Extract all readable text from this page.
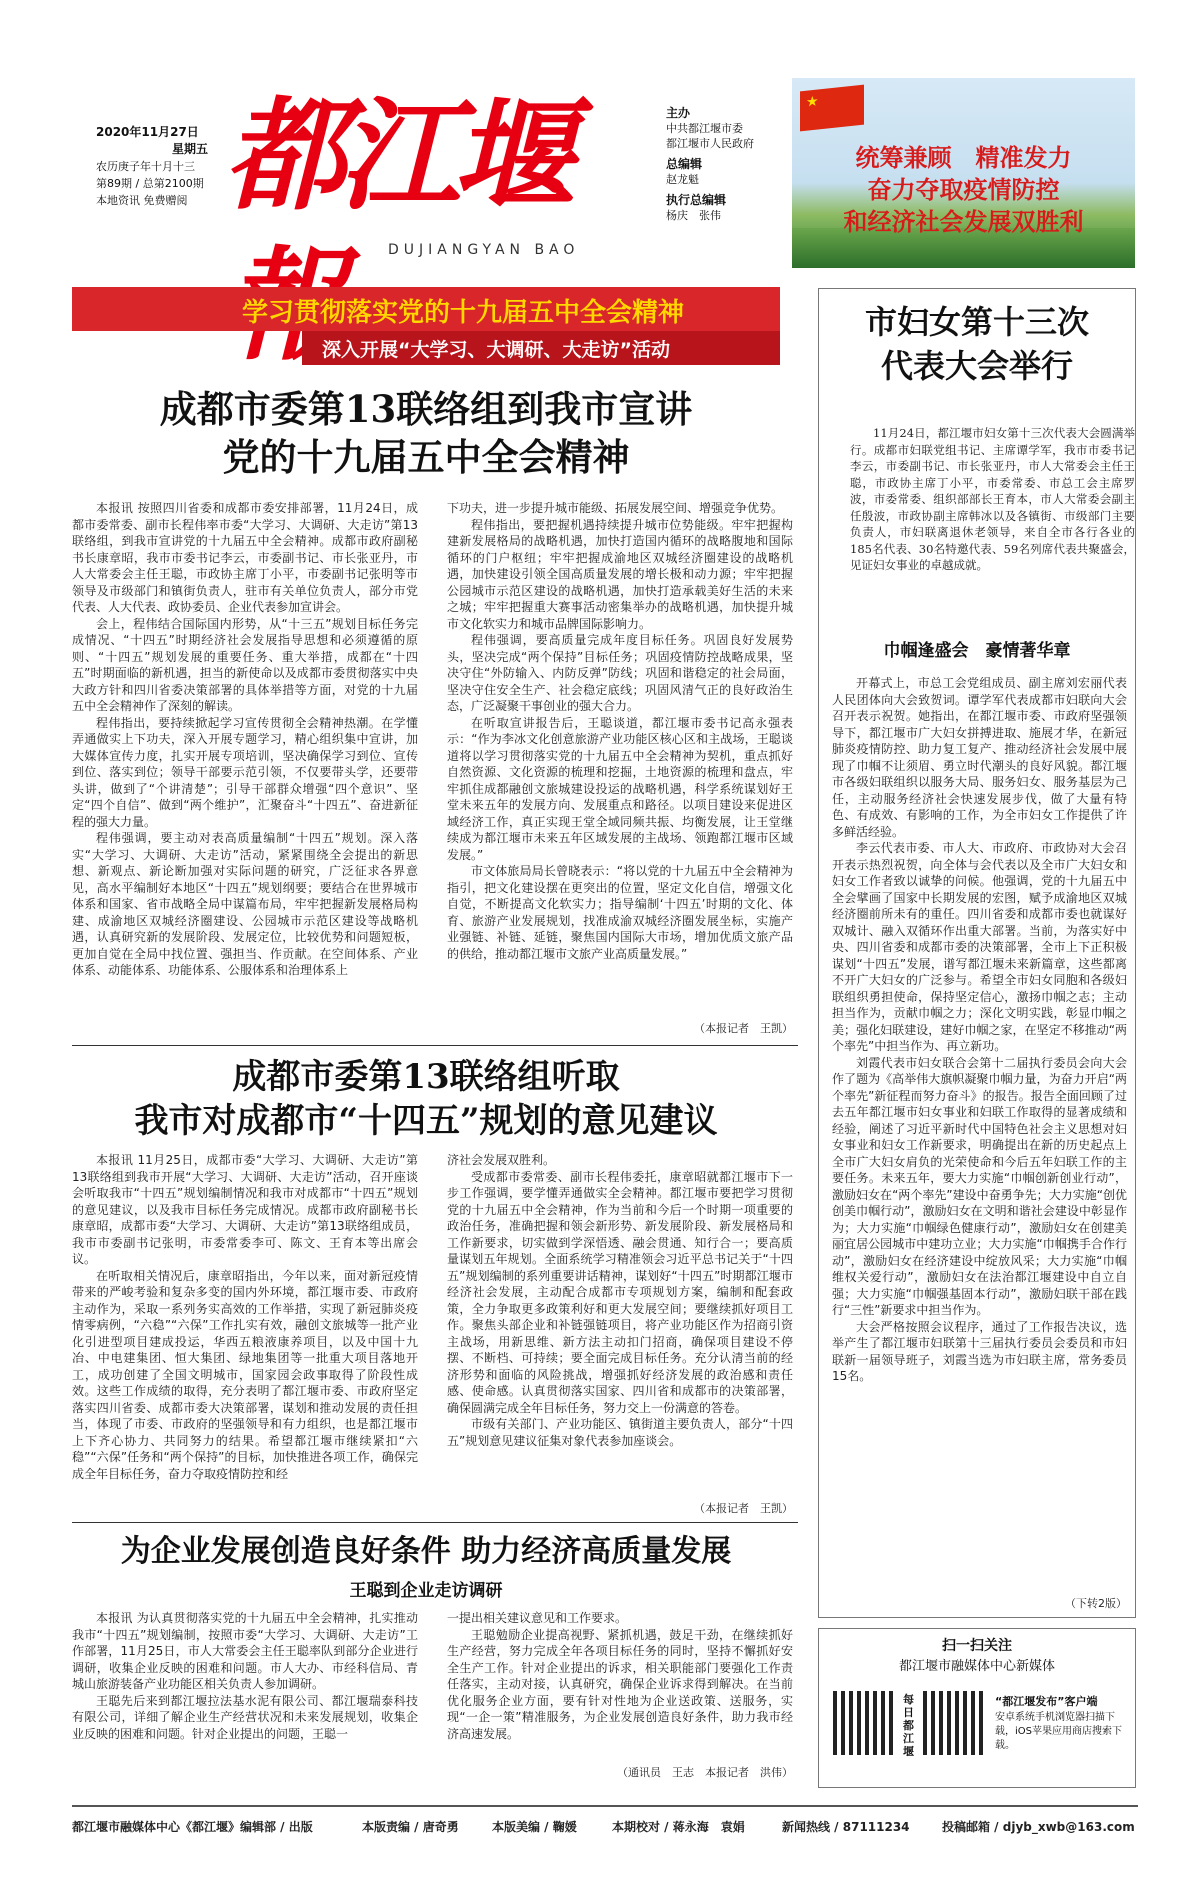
2020年11月27日
星期五
农历庚子年十月十三
第89期 / 总第2100期
本地资讯 免费赠阅 都江堰
DUJIANGYAN BAO
主办
中共都江堰市委
都江堰市人民政府
总编辑
赵龙魁
执行总编辑
杨庆　张伟
★
统筹兼顾　精准发力
奋力夺取疫情防控
和经济社会发展双胜利
学习贯彻落实党的十九届五中全会精神
深入开展“大学习、大调研、大走访”活动
成都市委第13联络组到我市宣讲
党的十九届五中全会精神

本报讯 按照四川省委和成都市委安排部署，11月24日，成都市委常委、副市长程伟率市委“大学习、大调研、大走访”第13联络组，到我市宣讲党的十九届五中全会精神。成都市政府副秘书长康章昭，我市市委书记李云，市委副书记、市长张亚丹，市人大常委会主任王聪，市政协主席丁小平，市委副书记张明等市领导及市级部门和镇街负责人，驻市有关单位负责人，部分市党代表、人大代表、政协委员、企业代表参加宣讲会。

会上，程伟结合国际国内形势，从“十三五”规划目标任务完成情况、“十四五”时期经济社会发展指导思想和必须遵循的原则、“十四五”规划发展的重要任务、重大举措，成都在“十四五”时期面临的新机遇，担当的新使命以及成都市委贯彻落实中央大政方针和四川省委决策部署的具体举措等方面，对党的十九届五中全会精神作了深刻的解读。

程伟指出，要持续掀起学习宣传贯彻全会精神热潮。在学懂弄通做实上下功夫，深入开展专题学习，精心组织集中宣讲，加大媒体宣传力度，扎实开展专项培训，坚决确保学习到位、宣传到位、落实到位；领导干部要示范引领，不仅要带头学，还要带头讲，做到了“个讲清楚”；引导干部群众增强“四个意识”、坚定“四个自信”、做到“两个维护”，汇聚奋斗“十四五”、奋进新征程的强大力量。

程伟强调，要主动对表高质量编制“十四五”规划。深入落实“大学习、大调研、大走访”活动，紧紧围绕全会提出的新思想、新观点、新论断加强对实际问题的研究，广泛征求各界意见，高水平编制好本地区“十四五”规划纲要；要结合在世界城市体系和国家、省市战略全局中谋篇布局，牢牢把握新发展格局构建、成渝地区双城经济圈建设、公园城市示范区建设等战略机遇，认真研究新的发展阶段、发展定位，比较优势和问题短板，更加自觉在全局中找位置、强担当、作贡献。在空间体系、产业体系、动能体系、功能体系、公服体系和治理体系上

下功夫，进一步提升城市能级、拓展发展空间、增强竞争优势。

程伟指出，要把握机遇持续提升城市位势能级。牢牢把握构建新发展格局的战略机遇，加快打造国内循环的战略腹地和国际循环的门户枢纽；牢牢把握成渝地区双城经济圈建设的战略机遇，加快建设引领全国高质量发展的增长极和动力源；牢牢把握公园城市示范区建设的战略机遇，加快打造承载美好生活的未来之城；牢牢把握重大赛事活动密集举办的战略机遇，加快提升城市文化软实力和城市品牌国际影响力。

程伟强调，要高质量完成年度目标任务。巩固良好发展势头，坚决完成“两个保持”目标任务；巩固疫情防控战略成果，坚决守住“外防输入、内防反弹”防线；巩固和谐稳定的社会局面，坚决守住安全生产、社会稳定底线；巩固风清气正的良好政治生态，广泛凝聚干事创业的强大合力。

在听取宣讲报告后，王聪谈道，都江堰市委书记高永强表示：“作为李冰文化创意旅游产业功能区核心区和主战场，王聪谈道将以学习贯彻落实党的十九届五中全会精神为契机，重点抓好自然资源、文化资源的梳理和挖掘，土地资源的梳理和盘点，牢牢抓住成都融创文旅城建设投运的战略机遇，科学系统谋划好王堂未来五年的发展方向、发展重点和路径。以项目建设来促进区域经济工作，真正实现王堂全域同频共振、均衡发展，让王堂继续成为都江堰市未来五年区域发展的主战场、领跑都江堰市区域发展。”

市文体旅局局长曾晓表示：“将以党的十九届五中全会精神为指引，把文化建设摆在更突出的位置，坚定文化自信，增强文化自觉，不断提高文化软实力；指导编制‘十四五’时期的文化、体育、旅游产业发展规划，找准成渝双城经济圈发展坐标，实施产业强链、补链、延链，聚焦国内国际大市场，增加优质文旅产品的供给，推动都江堰市文旅产业高质量发展。”

（本报记者　王凯）
成都市委第13联络组听取
我市对成都市“十四五”规划的意见建议

本报讯 11月25日，成都市委“大学习、大调研、大走访”第13联络组到我市开展“大学习、大调研、大走访”活动，召开座谈会听取我市“十四五”规划编制情况和我市对成都市“十四五”规划的意见建议，以及我市目标任务完成情况。成都市政府副秘书长康章昭，成都市委“大学习、大调研、大走访”第13联络组成员，我市市委副书记张明，市委常委李可、陈文、王育本等出席会议。

在听取相关情况后，康章昭指出，今年以来，面对新冠疫情带来的严峻考验和复杂多变的国内外环境，都江堰市委、市政府主动作为，采取一系列务实高效的工作举措，实现了新冠肺炎疫情零病例，“六稳”“六保”工作扎实有效，融创文旅城等一批产业化引进型项目建成投运，华西五粮液康养项目，以及中国十九冶、中电建集团、恒大集团、绿地集团等一批重大项目落地开工，成功创建了全国文明城市，国家园会政事取得了阶段性成效。这些工作成绩的取得，充分表明了都江堰市委、市政府坚定落实四川省委、成都市委大决策部署，谋划和推动发展的责任担当，体现了市委、市政府的坚强领导和有力组织，也是都江堰市上下齐心协力、共同努力的结果。希望都江堰市继续紧扣“六稳”“六保”任务和“两个保持”的目标，加快推进各项工作，确保完成全年目标任务，奋力夺取疫情防控和经

济社会发展双胜利。

受成都市委常委、副市长程伟委托，康章昭就都江堰市下一步工作强调，要学懂弄通做实全会精神。都江堰市要把学习贯彻党的十九届五中全会精神，作为当前和今后一个时期一项重要的政治任务，准确把握和领会新形势、新发展阶段、新发展格局和工作新要求，切实做到学深悟透、融会贯通、知行合一；要高质量谋划五年规划。全面系统学习精准领会习近平总书记关于“十四五”规划编制的系列重要讲话精神，谋划好“十四五”时期都江堰市经济社会发展，主动配合成都市专项规划方案，编制和配套政策，全力争取更多政策利好和更大发展空间；要继续抓好项目工作。聚焦头部企业和补链强链项目，将产业功能区作为招商引资主战场，用新思维、新方法主动扣门招商，确保项目建设不停摆、不断档、可持续；要全面完成目标任务。充分认清当前的经济形势和面临的风险挑战，增强抓好经济发展的政治感和责任感、使命感。认真贯彻落实国家、四川省和成都市的决策部署，确保圆满完成全年目标任务，努力交上一份满意的答卷。

市级有关部门、产业功能区、镇街道主要负责人，部分“十四五”规划意见建议征集对象代表参加座谈会。

（本报记者　王凯）
为企业发展创造良好条件 助力经济高质量发展
王聪到企业走访调研

本报讯 为认真贯彻落实党的十九届五中全会精神，扎实推动我市“十四五”规划编制，按照市委“大学习、大调研、大走访”工作部署，11月25日，市人大常委会主任王聪率队到部分企业进行调研，收集企业反映的困难和问题。市人大办、市经科信局、青城山旅游装备产业功能区相关负责人参加调研。

王聪先后来到都江堰拉法基水泥有限公司、都江堰瑞泰科技有限公司，详细了解企业生产经营状况和未来发展规划，收集企业反映的困难和问题。针对企业提出的问题，王聪一

一提出相关建议意见和工作要求。

王聪勉励企业提高视野、紧抓机遇，鼓足干劲，在继续抓好生产经营，努力完成全年各项目标任务的同时，坚持不懈抓好安全生产工作。针对企业提出的诉求，相关职能部门要强化工作责任落实，主动对接，认真研究，确保企业诉求得到解决。在当前优化服务企业方面，要有针对性地为企业送政策、送服务，实现“一企一策”精准服务，为企业发展创造良好条件，助力我市经济高速发展。

（通讯员　王志　本报记者　洪伟）
市妇女第十三次
代表大会举行

11月24日，都江堰市妇女第十三次代表大会圆满举行。成都市妇联党组书记、主席谭学军，我市市委书记李云，市委副书记、市长张亚丹，市人大常委会主任王聪，市政协主席丁小平，市委常委、市总工会主席罗波，市委常委、组织部部长王育本，市人大常委会副主任殷波，市政协副主席韩冰以及各镇街、市级部门主要负责人，市妇联离退休老领导，来自全市各行各业的185名代表、30名特邀代表、59名列席代表共聚盛会，见证妇女事业的卓越成就。

巾帼逢盛会　豪情著华章

开幕式上，市总工会党组成员、副主席刘宏丽代表人民团体向大会致贺词。谭学军代表成都市妇联向大会召开表示祝贺。她指出，在都江堰市委、市政府坚强领导下，都江堰市广大妇女拼搏进取、施展才华，在新冠肺炎疫情防控、助力复工复产、推动经济社会发展中展现了巾帼不让须眉、勇立时代潮头的良好风貌。都江堰市各级妇联组织以服务大局、服务妇女、服务基层为己任，主动服务经济社会快速发展步伐，做了大量有特色、有成效、有影响的工作，为全市妇女工作提供了许多鲜活经验。

李云代表市委、市人大、市政府、市政协对大会召开表示热烈祝贺，向全体与会代表以及全市广大妇女和妇女工作者致以诚挚的问候。他强调，党的十九届五中全会擘画了国家中长期发展的宏图，赋予成渝地区双城经济圈前所未有的重任。四川省委和成都市委也就谋好双城计、融入双循环作出重大部署。当前，为落实好中央、四川省委和成都市委的决策部署，全市上下正积极谋划“十四五”发展，谱写都江堰未来新篇章，这些都离不开广大妇女的广泛参与。希望全市妇女同胞和各级妇联组织勇担使命，保持坚定信心，激扬巾帼之志；主动担当作为，贡献巾帼之力；深化文明实践，彰显巾帼之美；强化妇联建设，建好巾帼之家，在坚定不移推动“两个率先”中担当作为、再立新功。

刘霞代表市妇女联合会第十二届执行委员会向大会作了题为《高举伟大旗帜凝聚巾帼力量，为奋力开启“两个率先”新征程而努力奋斗》的报告。报告全面回顾了过去五年都江堰市妇女事业和妇联工作取得的显著成绩和经验，阐述了习近平新时代中国特色社会主义思想对妇女事业和妇女工作新要求，明确提出在新的历史起点上全市广大妇女肩负的光荣使命和今后五年妇联工作的主要任务。未来五年，要大力实施“巾帼创新创业行动”，激励妇女在“两个率先”建设中奋勇争先；大力实施“创优创美巾帼行动”，激励妇女在文明和谐社会建设中彰显作为；大力实施“巾帼绿色健康行动”，激励妇女在创建美丽宜居公园城市中建功立业；大力实施“巾帼携手合作行动”，激励妇女在经济建设中绽放风采；大力实施“巾帼维权关爱行动”，激励妇女在法治都江堰建设中自立自强；大力实施“巾帼强基固本行动”，激励妇联干部在践行“三性”新要求中担当作为。

大会严格按照会议程序，通过了工作报告决议，选举产生了都江堰市妇联第十三届执行委员会委员和市妇联新一届领导班子，刘霞当选为市妇联主席，常务委员15名。

（下转2版）
扫一扫关注
都江堰市融媒体中心新媒体
每日都江堰
“都江堰发布”客户端
安卓系统手机浏览器扫描下载，iOS苹果应用商店搜索下载。
都江堰市融媒体中心《都江堰》编辑部 / 出版	本版责编 / 唐奇勇	本版美编 / 鞠媛	本期校对 / 蒋永海　袁娟	新闻热线 / 87111234	投稿邮箱 / djyb_xwb@163.com
